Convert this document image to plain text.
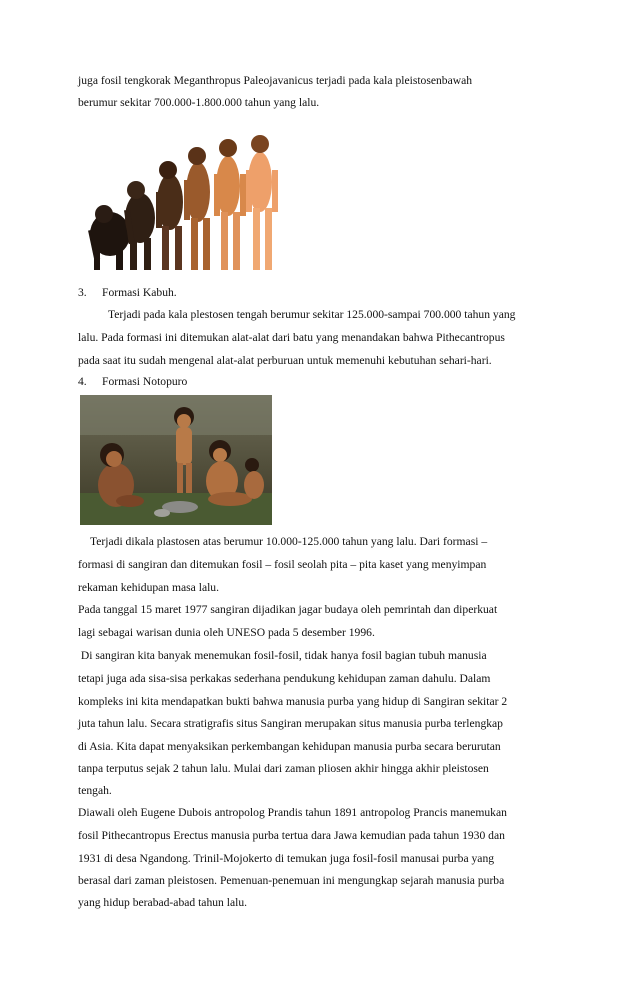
juga fosil tengkorak Meganthropus Paleojavanicus terjadi pada kala pleistosenbawah

berumur sekitar 700.000-1.800.000 tahun yang lalu.

3. Formasi Kabuh.

Terjadi pada kala plestosen tengah berumur sekitar 125.000-sampai 700.000 tahun yang

lalu. Pada formasi ini ditemukan alat-alat dari batu yang menandakan bahwa Pithecantropus

pada saat itu sudah mengenal alat-alat perburuan untuk memenuhi kebutuhan sehari-hari.

4. Formasi Notopuro

Terjadi dikala plastosen atas berumur 10.000-125.000 tahun yang lalu. Dari formasi –

formasi di sangiran dan ditemukan fosil – fosil seolah pita – pita kaset yang menyimpan

rekaman kehidupan masa lalu.

Pada tanggal 15 maret 1977 sangiran dijadikan jagar budaya oleh pemrintah dan diperkuat

lagi sebagai warisan dunia oleh UNESO pada 5 desember 1996.

Di sangiran kita banyak menemukan fosil-fosil, tidak hanya fosil bagian tubuh manusia

tetapi juga ada sisa-sisa perkakas sederhana pendukung kehidupan zaman dahulu. Dalam

kompleks ini kita mendapatkan bukti bahwa manusia purba yang hidup di Sangiran sekitar 2

juta tahun lalu. Secara stratigrafis situs Sangiran merupakan situs manusia purba terlengkap

di Asia. Kita dapat menyaksikan perkembangan kehidupan manusia purba secara berurutan

tanpa terputus sejak 2 tahun lalu. Mulai dari zaman pliosen akhir hingga akhir pleistosen

tengah.

Diawali oleh Eugene Dubois antropolog Prandis tahun 1891 antropolog Prancis manemukan

fosil Pithecantropus Erectus manusia purba tertua dara Jawa kemudian pada tahun 1930 dan

1931 di desa Ngandong. Trinil-Mojokerto di temukan juga fosil-fosil manusai purba yang

berasal dari zaman pleistosen. Pemenuan-penemuan ini mengungkap sejarah manusia purba

yang hidup berabad-abad tahun lalu.
